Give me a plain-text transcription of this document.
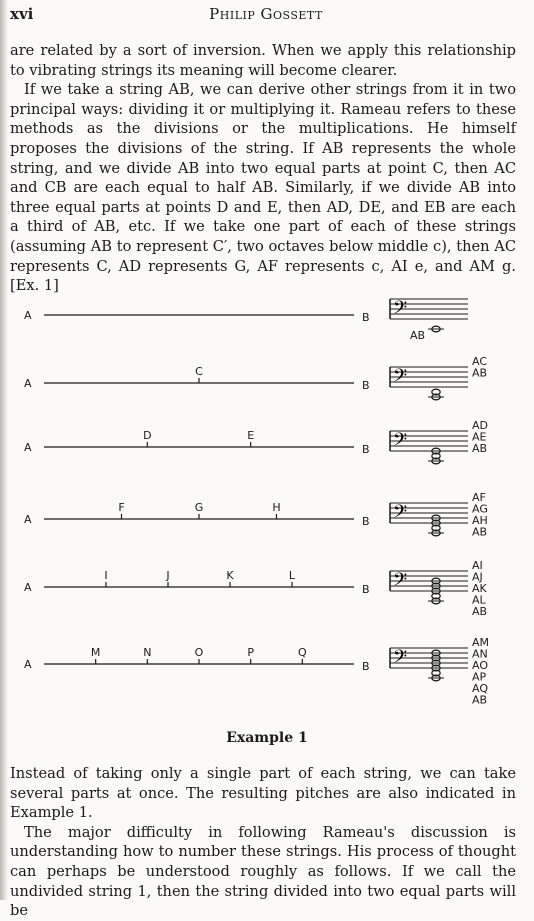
Philip Gossett
xvi

are related by a sort of inversion. When we apply this relationship to vibrating strings its meaning will become clearer.

If we take a string AB, we can derive other strings from it in two principal ways: dividing it or multiplying it. Rameau refers to these methods as the divisions or the multiplications. He himself proposes the divisions of the string. If AB represents the whole string, and we divide AB into two equal parts at point C, then AC and CB are each equal to half AB. Similarly, if we divide AB into three equal parts at points D and E, then AD, DE, and EB are each a third of AB, etc. If we take one part of each of these strings (assuming AB to represent C′, two octaves below middle c), then AC represents C, AD represents G, AF represents c, AI e, and AM g. [Ex. 1]

A	B 𝄢
AB
A	B
C	𝄢
AC
AB
A	B
D	E	𝄢
AD
AE
AB
A	B
F	G	H	𝄢
AF
AG
AH
AB
A	B
I	J	K	L	𝄢
AI
AJ
AK
AL
AB
A	B
M	N	O	P	Q	𝄢
AM
AN
AO
AP
AQ
AB
Example 1

Instead of taking only a single part of each string, we can take several parts at once. The resulting pitches are also indicated in Example 1.

The major difficulty in following Rameau's discussion is understanding how to number these strings. His process of thought can perhaps be understood roughly as follows. If we call the undivided string 1, then the string divided into two equal parts will be
